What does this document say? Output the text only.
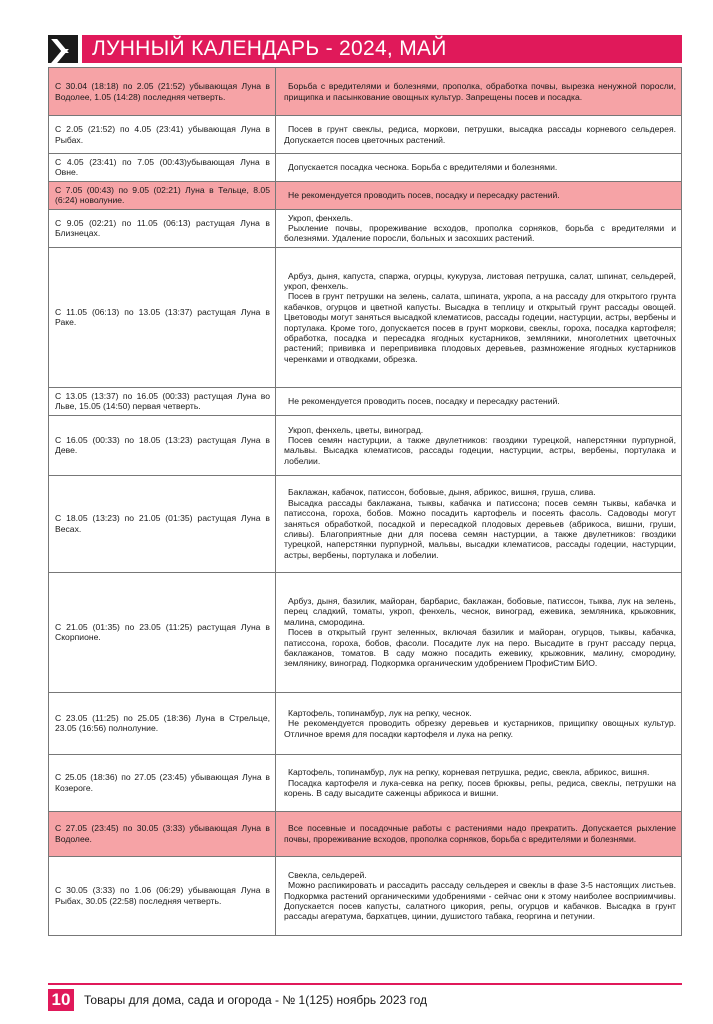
ЛУННЫЙ КАЛЕНДАРЬ - 2024, МАЙ
С 30.04 (18:18) по 2.05 (21:52) убывающая Луна в Водолее, 1.05 (14:28) последняя четверть.	Борьба с вредителями и болезнями, прополка, обработка почвы, вырезка ненужной поросли, прищипка и пасынкование овощных культур. Запрещены посев и посадка.

С 2.05 (21:52) по 4.05 (23:41) убывающая Луна в Рыбах.	Посев в грунт свеклы, редиса, моркови, петрушки, высадка рассады корневого сельдерея. Допускается посев цветочных растений.

С 4.05 (23:41) по 7.05 (00:43)убывающая Луна в Овне.	Допускается посадка чеснока. Борьба с вредителями и болезнями.

С 7.05 (00:43) по 9.05 (02:21) Луна в Тельце, 8.05 (6:24) новолуние.	Не рекомендуется проводить посев, посадку и пересадку растений.

С 9.05 (02:21) по 11.05 (06:13) растущая Луна в Близнецах.	Укроп, фенхель.

Рыхление почвы, прореживание всходов, прополка сорняков, борьба с вредителями и болезнями. Удаление поросли, больных и засохших растений.

С 11.05 (06:13) по 13.05 (13:37) растущая Луна в Раке.	Арбуз, дыня, капуста, спаржа, огурцы, кукуруза, листовая петрушка, салат, шпинат, сельдерей, укроп, фенхель.

Посев в грунт петрушки на зелень, салата, шпината, укропа, а на рассаду для открытого грунта кабачков, огурцов и цветной капусты. Высадка в теплицу и открытый грунт рассады овощей. Цветоводы могут заняться высадкой клематисов, рассады годеции, настурции, астры, вербены и портулака. Кроме того, допускается посев в грунт моркови, свеклы, гороха, посадка картофеля; обработка, посадка и пересадка ягодных кустарников, земляники, многолетних цветочных растений; прививка и перепрививка плодовых деревьев, размножение ягодных кустарников черенками и отводками, обрезка.

С 13.05 (13:37) по 16.05 (00:33) растущая Луна во Льве, 15.05 (14:50) первая четверть.	Не рекомендуется проводить посев, посадку и пересадку растений.

С 16.05 (00:33) по 18.05 (13:23) растущая Луна в Деве.	Укроп, фенхель, цветы, виноград.

Посев семян настурции, а также двулетников: гвоздики турецкой, наперстянки пурпурной, мальвы. Высадка клематисов, рассады годеции, настурции, астры, вербены, портулака и лобелии.

С 18.05 (13:23) по 21.05 (01:35) растущая Луна в Весах.	Баклажан, кабачок, патиссон, бобовые, дыня, абрикос, вишня, груша, слива.

Высадка рассады баклажана, тыквы, кабачка и патиссона; посев семян тыквы, кабачка и патиссона, гороха, бобов. Можно посадить картофель и посеять фасоль. Садоводы могут заняться обработкой, посадкой и пересадкой плодовых деревьев (абрикоса, вишни, груши, сливы). Благоприятные дни для посева семян настурции, а также двулетников: гвоздики турецкой, наперстянки пурпурной, мальвы, высадки клематисов, рассады годеции, настурции, астры, вербены, портулака и лобелии.

С 21.05 (01:35) по 23.05 (11:25) растущая Луна в Скорпионе.	Арбуз, дыня, базилик, майоран, барбарис, баклажан, бобовые, патиссон, тыква, лук на зелень, перец сладкий, томаты, укроп, фенхель, чеснок, виноград, ежевика, земляника, крыжовник, малина, смородина.

Посев в открытый грунт зеленных, включая базилик и майоран, огурцов, тыквы, кабачка, патиссона, гороха, бобов, фасоли. Посадите лук на перо. Высадите в грунт рассаду перца, баклажанов, томатов. В саду можно посадить ежевику, крыжовник, малину, смородину, землянику, виноград. Подкормка органическим удобрением ПрофиСтим БИО.

С 23.05 (11:25) по 25.05 (18:36) Луна в Стрельце, 23.05 (16:56) полнолуние.	Картофель, топинамбур, лук на репку, чеснок.

Не рекомендуется проводить обрезку деревьев и кустарников, прищипку овощных культур. Отличное время для посадки картофеля и лука на репку.

С 25.05 (18:36) по 27.05 (23:45) убывающая Луна в Козероге.	Картофель, топинамбур, лук на репку, корневая петрушка, редис, свекла, абрикос, вишня.

Посадка картофеля и лука-севка на репку, посев брюквы, репы, редиса, свеклы, петрушки на корень. В саду высадите саженцы абрикоса и вишни.

С 27.05 (23:45) по 30.05 (3:33) убывающая Луна в Водолее.	Все посевные и посадочные работы с растениями надо прекратить. Допускается рыхление почвы, прореживание всходов, прополка сорняков, борьба с вредителями и болезнями.

С 30.05 (3:33) по 1.06 (06:29) убывающая Луна в Рыбах, 30.05 (22:58) последняя четверть.	Свекла, сельдерей.

Можно распикировать и рассадить рассаду сельдерея и свеклы в фазе 3-5 настоящих листьев. Подкормка растений органическими удобрениями - сейчас они к этому наиболее восприимчивы. Допускается посев капусты, салатного цикория, репы, огурцов и кабачков. Высадка в грунт рассады агератума, бархатцев, цинии, душистого табака, георгина и петунии.

10 Товары для дома, сада и огорода - № 1(125) ноябрь 2023 год
